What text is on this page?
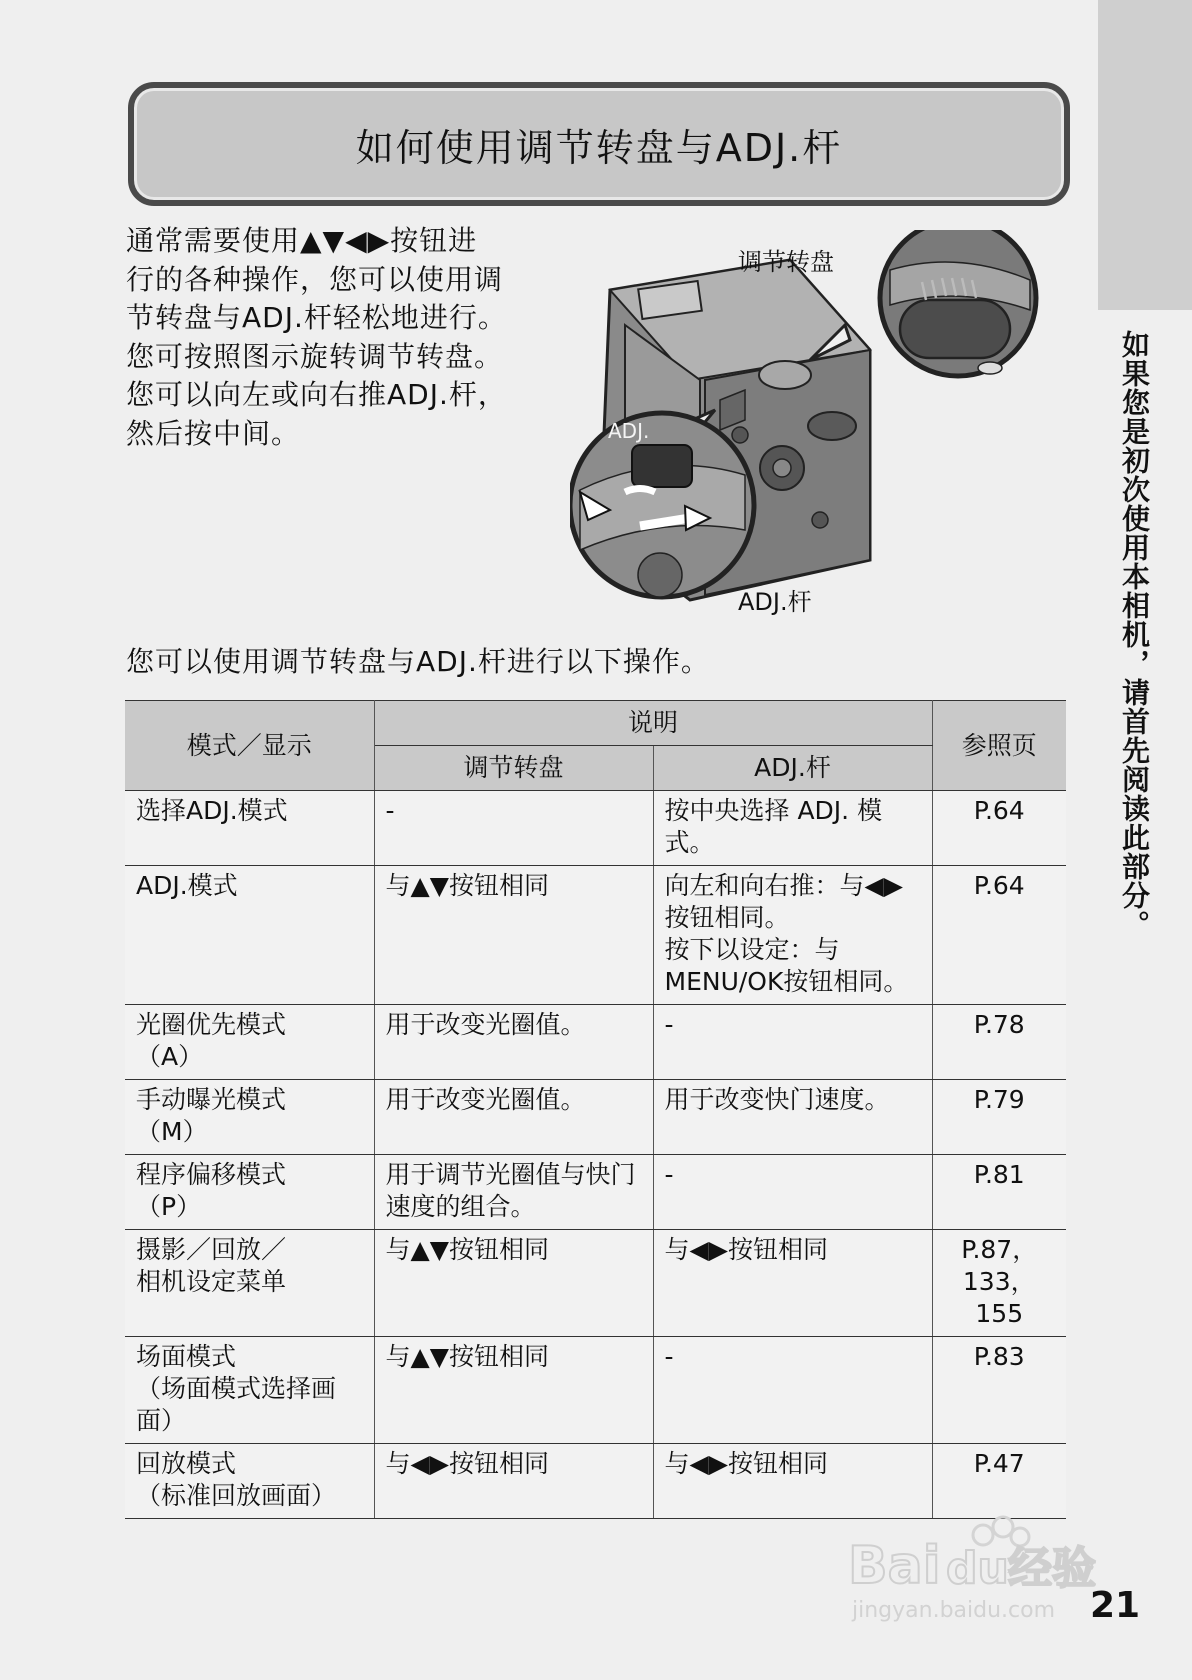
如果您是初次使用本相机，请首先阅读此部分。
如何使用调节转盘与ADJ.杆

通常需要使用▲▼◀▶按钮进

行的各种操作，您可以使用调

节转盘与ADJ.杆轻松地进行。

您可按照图示旋转调节转盘。

您可以向左或向右推ADJ.杆，

然后按中间。	ADJ.
调节转盘
ADJ.杆
您可以使用调节转盘与ADJ.杆进行以下操作。
模式／显示	说明		参照页
	调节转盘	ADJ.杆	
选择ADJ.模式	-	按中央选择 ADJ. 模式。	P.64
ADJ.模式	与▲▼按钮相同	向左和向右推：与◀▶按钮相同。
按下以设定：与MENU/OK按钮相同。	P.64
光圈优先模式
（A）	用于改变光圈值。	-	P.78
手动曝光模式
（M）	用于改变光圈值。	用于改变快门速度。	P.79
程序偏移模式
（P）	用于调节光圈值与快门速度的组合。	-	P.81
摄影／回放／
相机设定菜单	与▲▼按钮相同	与◀▶按钮相同	P.87，
133，155
场面模式
（场面模式选择画面）	与▲▼按钮相同	-	P.83
回放模式
（标准回放画面）	与◀▶按钮相同	与◀▶按钮相同	P.47
21
Bai du 经验
jingyan.baidu.com
